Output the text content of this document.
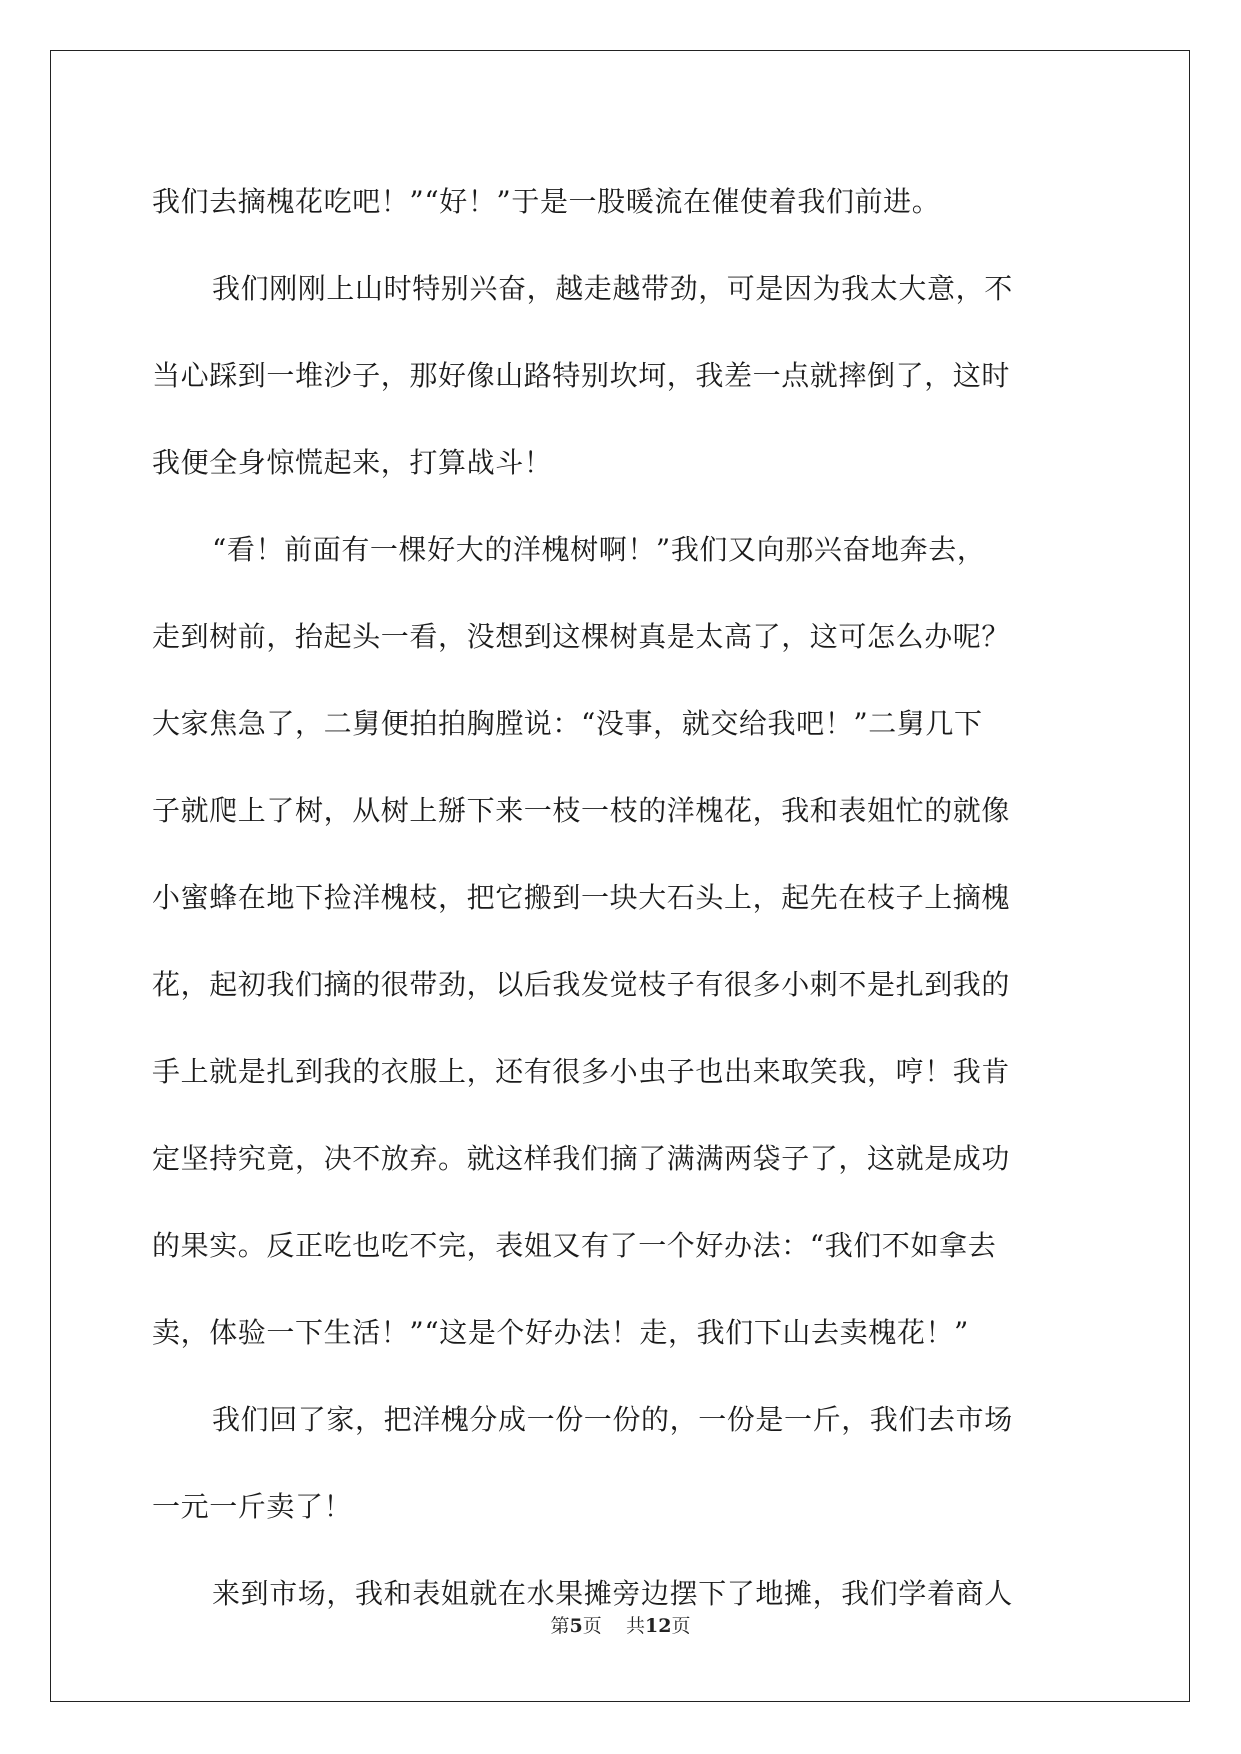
我们去摘槐花吃吧！”“好！”于是一股暖流在催使着我们前进。
我们刚刚上山时特别兴奋，越走越带劲，可是因为我太大意，不
当心踩到一堆沙子，那好像山路特别坎坷，我差一点就摔倒了，这时
我便全身惊慌起来，打算战斗！
“看！前面有一棵好大的洋槐树啊！”我们又向那兴奋地奔去，
走到树前，抬起头一看，没想到这棵树真是太高了，这可怎么办呢？
大家焦急了，二舅便拍拍胸膛说：“没事，就交给我吧！”二舅几下
子就爬上了树，从树上掰下来一枝一枝的洋槐花，我和表姐忙的就像
小蜜蜂在地下捡洋槐枝，把它搬到一块大石头上，起先在枝子上摘槐
花，起初我们摘的很带劲，以后我发觉枝子有很多小刺不是扎到我的
手上就是扎到我的衣服上，还有很多小虫子也出来取笑我，哼！我肯
定坚持究竟，决不放弃。就这样我们摘了满满两袋子了，这就是成功
的果实。反正吃也吃不完，表姐又有了一个好办法：“我们不如拿去
卖，体验一下生活！”“这是个好办法！走，我们下山去卖槐花！”
我们回了家，把洋槐分成一份一份的，一份是一斤，我们去市场
一元一斤卖了！
来到市场，我和表姐就在水果摊旁边摆下了地摊，我们学着商人
第5页 共12页
